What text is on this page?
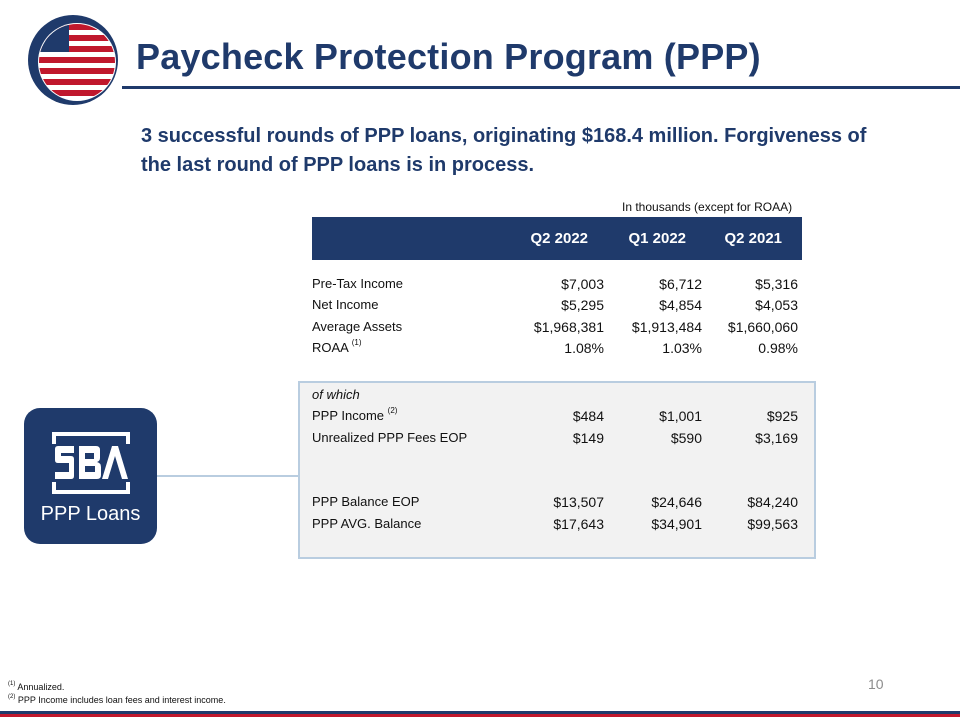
Paycheck Protection Program (PPP)
3 successful rounds of PPP loans, originating $168.4 million. Forgiveness of the last round of PPP loans is in process.
In thousands (except for ROAA)
Q2 2022	Q1 2022	Q2 2021
Pre-Tax Income	$7,003	$6,712	$5,316
Net Income	$5,295	$4,854	$4,053
Average Assets	$1,968,381 $1,913,484 $1,660,060
ROAA $^{(1)}$	1.08%	1.03%	0.98%
of which
PPP Income $^{(2)}$	$484	$1,001	$925
Unrealized PPP Fees EOP	$149	$590	$3,169
PPP Balance EOP	$13,507	$24,646	$84,240
PPP AVG. Balance	$17,643	$34,901	$99,563
PPP Loans
10
$^{(1)}$ Annualized.
$^{(2)}$ PPP Income includes loan fees and interest income.
